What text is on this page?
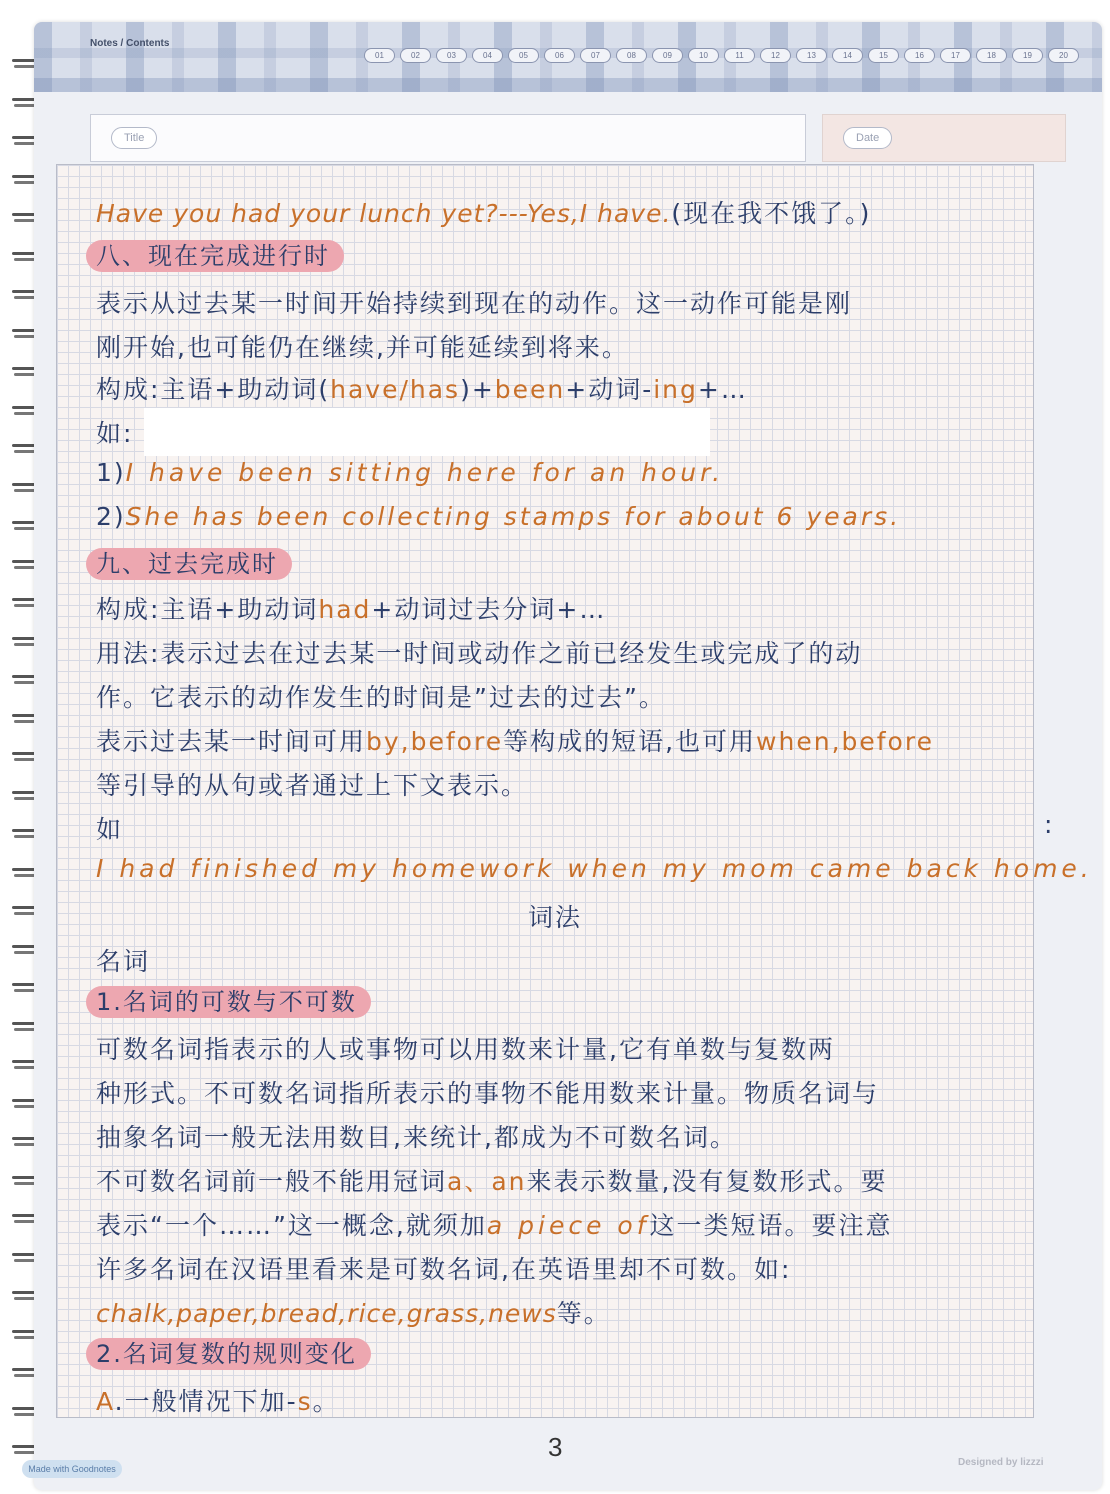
Notes / Contents
01	02	03	04	05	06	07	08	09	10	11	12	13	14	15	16	17	18	19	20
Title	Date
Have you had your lunch yet?---Yes,I have.(现在我不饿了。)
八、现在完成进行时
表示从过去某一时间开始持续到现在的动作。这一动作可能是刚
刚开始,也可能仍在继续,并可能延续到将来。
构成:主语+助动词(have/has)+been+动词-ing+…
如:
1)I have been sitting here for an hour.
2)She has been collecting stamps for about 6 years.
九、过去完成时
构成:主语+助动词had+动词过去分词+…
用法:表示过去在过去某一时间或动作之前已经发生或完成了的动
作。它表示的动作发生的时间是”过去的过去”。
表示过去某一时间可用by,before等构成的短语,也可用when,before
等引导的从句或者通过上下文表示。
如	:
I had finished my homework when my mom came back home.
词法
名词
1.名词的可数与不可数
可数名词指表示的人或事物可以用数来计量,它有单数与复数两
种形式。不可数名词指所表示的事物不能用数来计量。物质名词与
抽象名词一般无法用数目,来统计,都成为不可数名词。
不可数名词前一般不能用冠词a、an来表示数量,没有复数形式。要
表示“一个……”这一概念,就须加a piece of这一类短语。要注意
许多名词在汉语里看来是可数名词,在英语里却不可数。如:
chalk,paper,bread,rice,grass,news等。
2.名词复数的规则变化
A.一般情况下加-s。
3
Made with Goodnotes
Designed by lizzzi
